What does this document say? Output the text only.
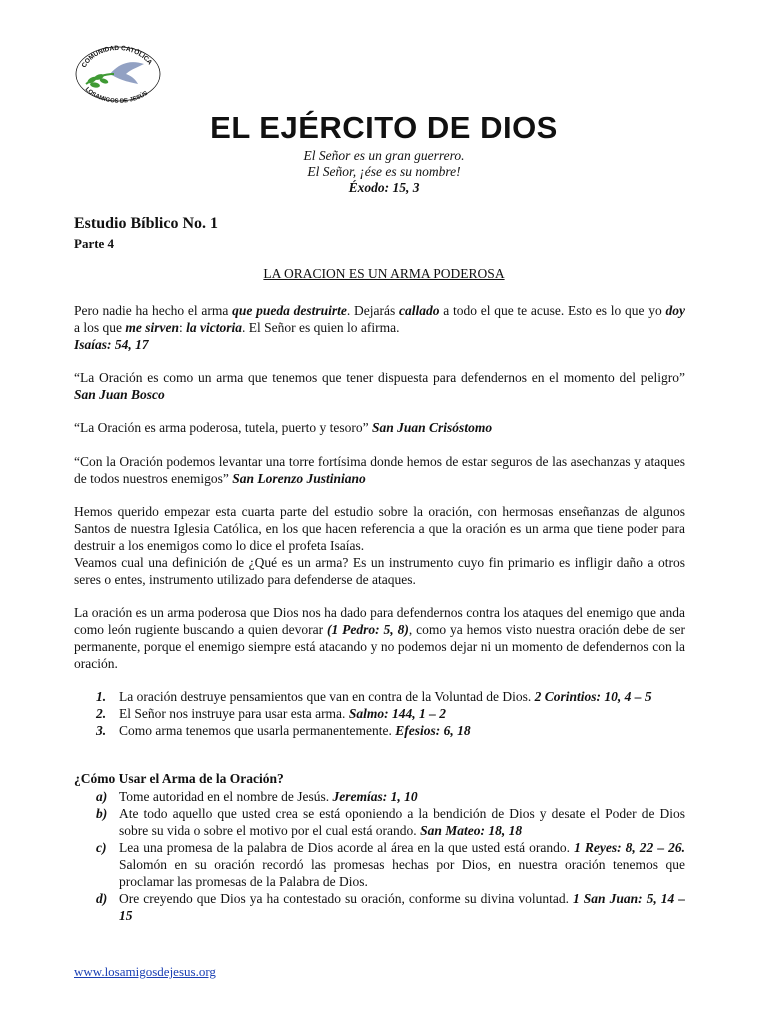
COMUNIDAD CATÓLICA
LOSAMIGOS DE JESÚS
EL EJÉRCITO DE DIOS
El Señor es un gran guerrero.
El Señor, ¡ése es su nombre!
Éxodo: 15, 3
Estudio Bíblico No. 1
Parte 4
LA ORACION ES UN ARMA PODEROSA

Pero nadie ha hecho el arma que pueda destruirte. Dejarás callado a todo el que te acuse. Esto es lo que yo doy a los que me sirven: la victoria. El Señor es quien lo afirma.
Isaías: 54, 17

“La Oración es como un arma que tenemos que tener dispuesta para defendernos en el momento del peligro” San Juan Bosco

“La Oración es arma poderosa, tutela, puerto y tesoro” San Juan Crisóstomo

“Con la Oración podemos levantar una torre fortísima donde hemos de estar seguros de las asechanzas y ataques de todos nuestros enemigos” San Lorenzo Justiniano

Hemos querido empezar esta cuarta parte del estudio sobre la oración, con hermosas enseñanzas de algunos Santos de nuestra Iglesia Católica, en los que hacen referencia a que la oración es un arma que tiene poder para destruir a los enemigos como lo dice el profeta Isaías.

Veamos cual una definición de ¿Qué es un arma? Es un instrumento cuyo fin primario es infligir daño a otros seres o entes, instrumento utilizado para defenderse de ataques.

La oración es un arma poderosa que Dios nos ha dado para defendernos contra los ataques del enemigo que anda como león rugiente buscando a quien devorar (1 Pedro: 5, 8), como ya hemos visto nuestra oración debe de ser permanente, porque el enemigo siempre está atacando y no podemos dejar ni un momento de defendernos con la oración.

1. La oración destruye pensamientos que van en contra de la Voluntad de Dios. 2 Corintios: 10, 4 – 5
2. El Señor nos instruye para usar esta arma. Salmo: 144, 1 – 2
3. Como arma tenemos que usarla permanentemente. Efesios: 6, 18
¿Cómo Usar el Arma de la Oración?
a) Tome autoridad en el nombre de Jesús. Jeremías: 1, 10
b) Ate todo aquello que usted crea se está oponiendo a la bendición de Dios y desate el Poder de Dios sobre su vida o sobre el motivo por el cual está orando. San Mateo: 18, 18
c) Lea una promesa de la palabra de Dios acorde al área en la que usted está orando. 1 Reyes: 8, 22 – 26. Salomón en su oración recordó las promesas hechas por Dios, en nuestra oración tenemos que proclamar las promesas de la Palabra de Dios.
d) Ore creyendo que Dios ya ha contestado su oración, conforme su divina voluntad. 1 San Juan: 5, 14 – 15
www.losamigosdejesus.org
